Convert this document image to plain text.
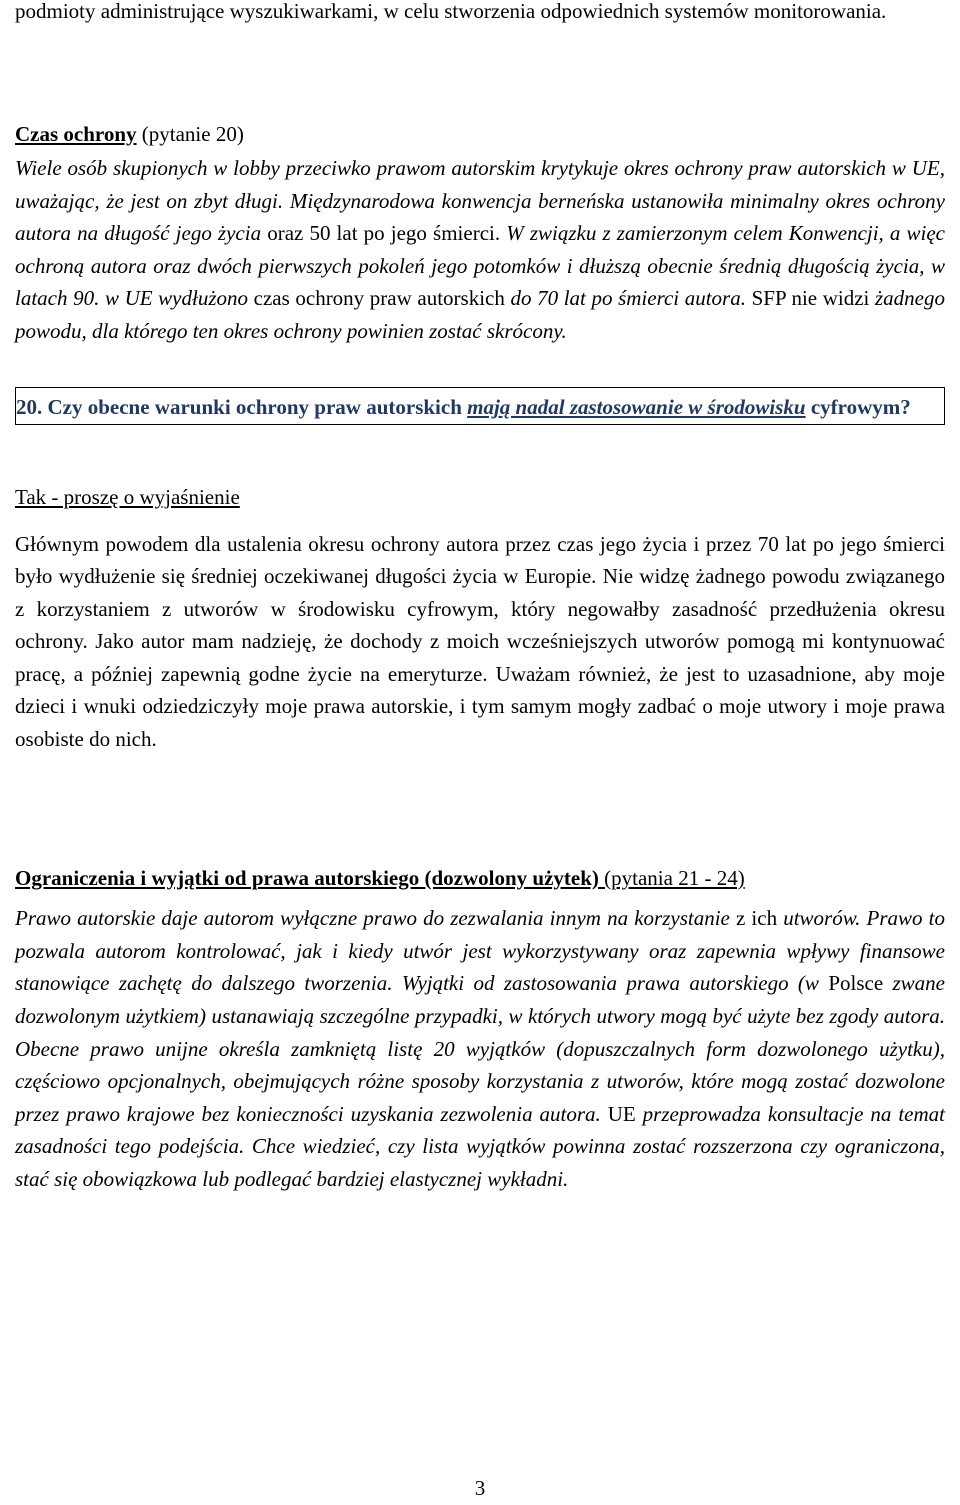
podmioty administrujące wyszukiwarkami, w celu stworzenia odpowiednich systemów monitorowania.

Czas ochrony (pytanie 20)

Wiele osób skupionych w lobby przeciwko prawom autorskim krytykuje okres ochrony praw autorskich w UE, uważając, że jest on zbyt długi. Międzynarodowa konwencja berneńska ustanowiła minimalny okres ochrony autora na długość jego życia oraz 50 lat po jego śmierci. W związku z zamierzonym celem Konwencji, a więc ochroną autora oraz dwóch pierwszych pokoleń jego potomków i dłuższą obecnie średnią długością życia, w latach 90. w UE wydłużono czas ochrony praw autorskich do 70 lat po śmierci autora. SFP nie widzi żadnego powodu, dla którego ten okres ochrony powinien zostać skrócony.

20. Czy obecne warunki ochrony praw autorskich mają nadal zastosowanie w środowisku cyfrowym?

Tak - proszę o wyjaśnienie

Głównym powodem dla ustalenia okresu ochrony autora przez czas jego życia i przez 70 lat po jego śmierci było wydłużenie się średniej oczekiwanej długości życia w Europie. Nie widzę żadnego powodu związanego z korzystaniem z utworów w środowisku cyfrowym, który negowałby zasadność przedłużenia okresu ochrony. Jako autor mam nadzieję, że dochody z moich wcześniejszych utworów pomogą mi kontynuować pracę, a później zapewnią godne życie na emeryturze. Uważam również, że jest to uzasadnione, aby moje dzieci i wnuki odziedziczyły moje prawa autorskie, i tym samym mogły zadbać o moje utwory i moje prawa osobiste do nich.

Ograniczenia i wyjątki od prawa autorskiego (dozwolony użytek) (pytania 21 - 24)

Prawo autorskie daje autorom wyłączne prawo do zezwalania innym na korzystanie z ich utworów. Prawo to pozwala autorom kontrolować, jak i kiedy utwór jest wykorzystywany oraz zapewnia wpływy finansowe stanowiące zachętę do dalszego tworzenia. Wyjątki od zastosowania prawa autorskiego (w Polsce zwane dozwolonym użytkiem) ustanawiają szczególne przypadki, w których utwory mogą być użyte bez zgody autora. Obecne prawo unijne określa zamkniętą listę 20 wyjątków (dopuszczalnych form dozwolonego użytku), częściowo opcjonalnych, obejmujących różne sposoby korzystania z utworów, które mogą zostać dozwolone przez prawo krajowe bez konieczności uzyskania zezwolenia autora. UE przeprowadza konsultacje na temat zasadności tego podejścia. Chce wiedzieć, czy lista wyjątków powinna zostać rozszerzona czy ograniczona, stać się obowiązkowa lub podlegać bardziej elastycznej wykładni.

3
